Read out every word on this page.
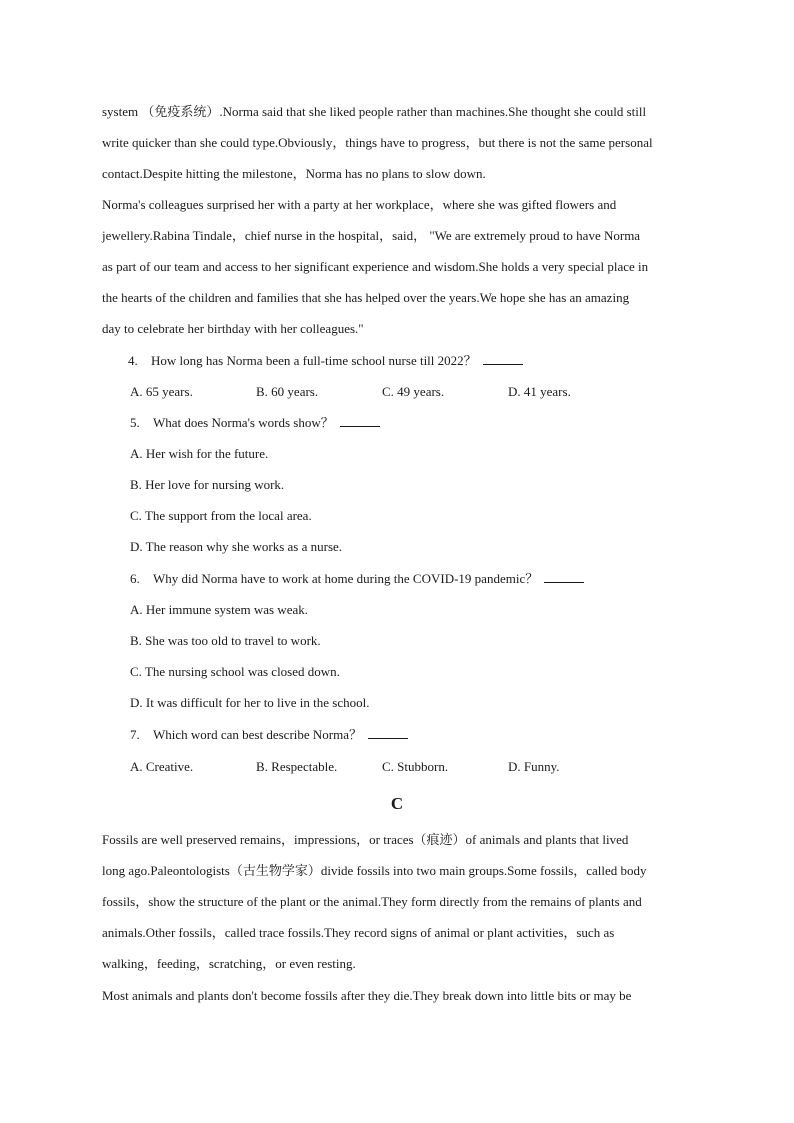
system （免疫系统）.Norma said that she liked people rather than machines.She thought she could still
write quicker than she could type.Obviously，things have to progress，but there is not the same personal
contact.Despite hitting the milestone，Norma has no plans to slow down.
Norma's colleagues surprised her with a party at her workplace，where she was gifted flowers and
jewellery.Rabina Tindale，chief nurse in the hospital，said， "We are extremely proud to have Norma
as part of our team and access to her significant experience and wisdom.She holds a very special place in
the hearts of the children and families that she has helped over the years.We hope she has an amazing
day to celebrate her birthday with her colleagues."
4. How long has Norma been a full-time school nurse till 2022？
A. 65 years.	B. 60 years.	C. 49 years.	D. 41 years.
5. What does Norma's words show？
A. Her wish for the future.
B. Her love for nursing work.
C. The support from the local area.
D. The reason why she works as a nurse.
6. Why did Norma have to work at home during the COVID-19 pandemic？
A. Her immune system was weak.
B. She was too old to travel to work.
C. The nursing school was closed down.
D. It was difficult for her to live in the school.
7. Which word can best describe Norma？
A. Creative.	B. Respectable.	C. Stubborn.	D. Funny.
C
Fossils are well preserved remains，impressions，or traces（痕迹）of animals and plants that lived
long ago.Paleontologists（古生物学家）divide fossils into two main groups.Some fossils，called body
fossils，show the structure of the plant or the animal.They form directly from the remains of plants and
animals.Other fossils，called trace fossils.They record signs of animal or plant activities，such as
walking，feeding，scratching，or even resting.
Most animals and plants don't become fossils after they die.They break down into little bits or may be
